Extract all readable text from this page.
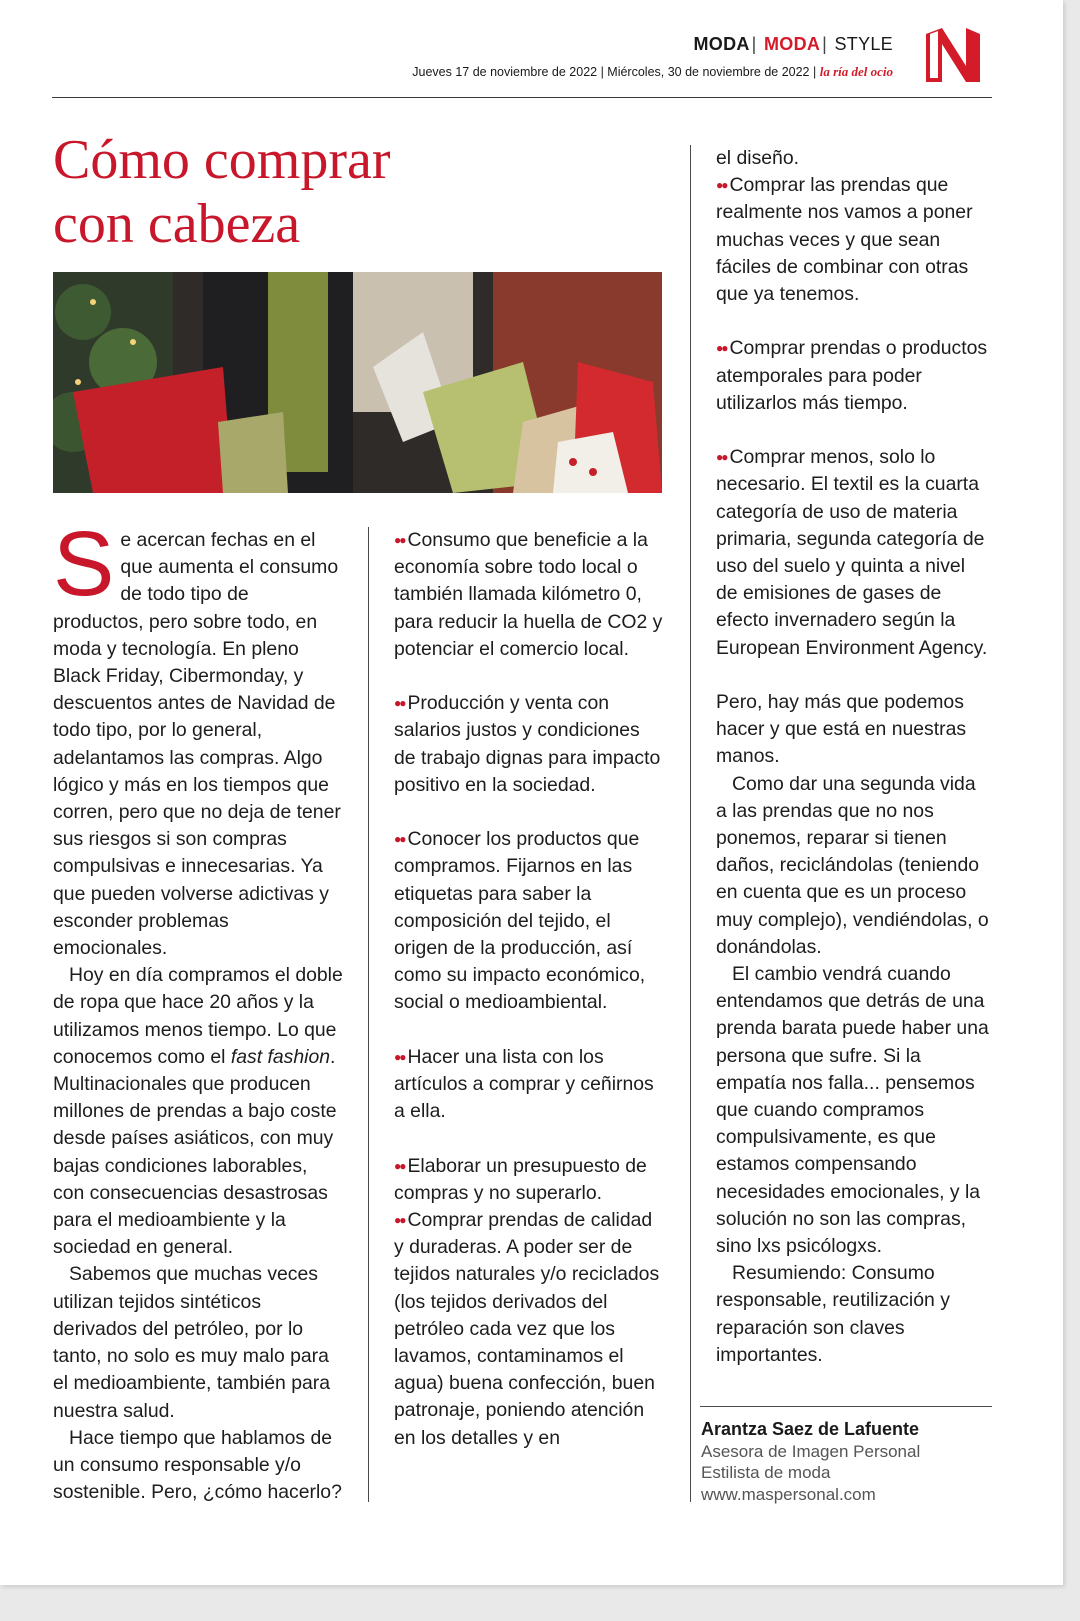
MODA | MODA | STYLE
Jueves 17 de noviembre de 2022 | Miércoles, 30 de noviembre de 2022 | la ría del ocio
Cómo comprar
con cabeza

Se acercan fechas en el que aumenta el consumo de todo tipo de productos, pero sobre todo, en moda y tecnología. En pleno Black Friday, Cibermonday, y descuentos antes de Navidad de todo tipo, por lo general, adelantamos las compras. Algo lógico y más en los tiempos que corren, pero que no deja de tener sus riesgos si son compras compulsivas e innecesarias. Ya que pueden volverse adictivas y esconder problemas emocionales.

Hoy en día compramos el doble de ropa que hace 20 años y la utilizamos menos tiempo. Lo que conocemos como el fast fashion. Multinacionales que producen millones de prendas a bajo coste desde países asiáticos, con muy bajas condiciones laborables, con consecuencias desastrosas para el medioambiente y la sociedad en general.

Sabemos que muchas veces utilizan tejidos sintéticos derivados del petróleo, por lo tanto, no solo es muy malo para el medioambiente, también para nuestra salud.

Hace tiempo que hablamos de un consumo responsable y/o sostenible. Pero, ¿cómo hacerlo?

●● Consumo que beneficie a la economía sobre todo local o también llamada kilómetro 0, para reducir la huella de CO2 y potenciar el comercio local.

●● Producción y venta con salarios justos y condiciones de trabajo dignas para impacto positivo en la sociedad.

●● Conocer los productos que compramos. Fijarnos en las etiquetas para saber la composición del tejido, el origen de la producción, así como su impacto económico, social o medioambiental.

●● Hacer una lista con los artículos a comprar y ceñirnos a ella.

●● Elaborar un presupuesto de compras y no superarlo.

●● Comprar prendas de calidad y duraderas. A poder ser de tejidos naturales y/o reciclados (los tejidos derivados del petróleo cada vez que los lavamos, contaminamos el agua) buena confección, buen patronaje, poniendo atención en los detalles y en

el diseño.

●● Comprar las prendas que realmente nos vamos a poner muchas veces y que sean fáciles de combinar con otras que ya tenemos.

●● Comprar prendas o productos atemporales para poder utilizarlos más tiempo.

●● Comprar menos, solo lo necesario. El textil es la cuarta categoría de uso de materia primaria, segunda categoría de uso del suelo y quinta a nivel de emisiones de gases de efecto invernadero según la European Environment Agency.

Pero, hay más que podemos hacer y que está en nuestras manos.

Como dar una segunda vida a las prendas que no nos ponemos, reparar si tienen daños, reciclándolas (teniendo en cuenta que es un proceso muy complejo), vendiéndolas, o donándolas.

El cambio vendrá cuando entendamos que detrás de una prenda barata puede haber una persona que sufre. Si la empatía nos falla... pensemos que cuando compramos compulsivamente, es que estamos compensando necesidades emocionales, y la solución no son las compras, sino lxs psicólogxs.

Resumiendo: Consumo responsable, reutilización y reparación son claves importantes.

Arantza Saez de Lafuente
Asesora de Imagen Personal
Estilista de moda
www.maspersonal.com
